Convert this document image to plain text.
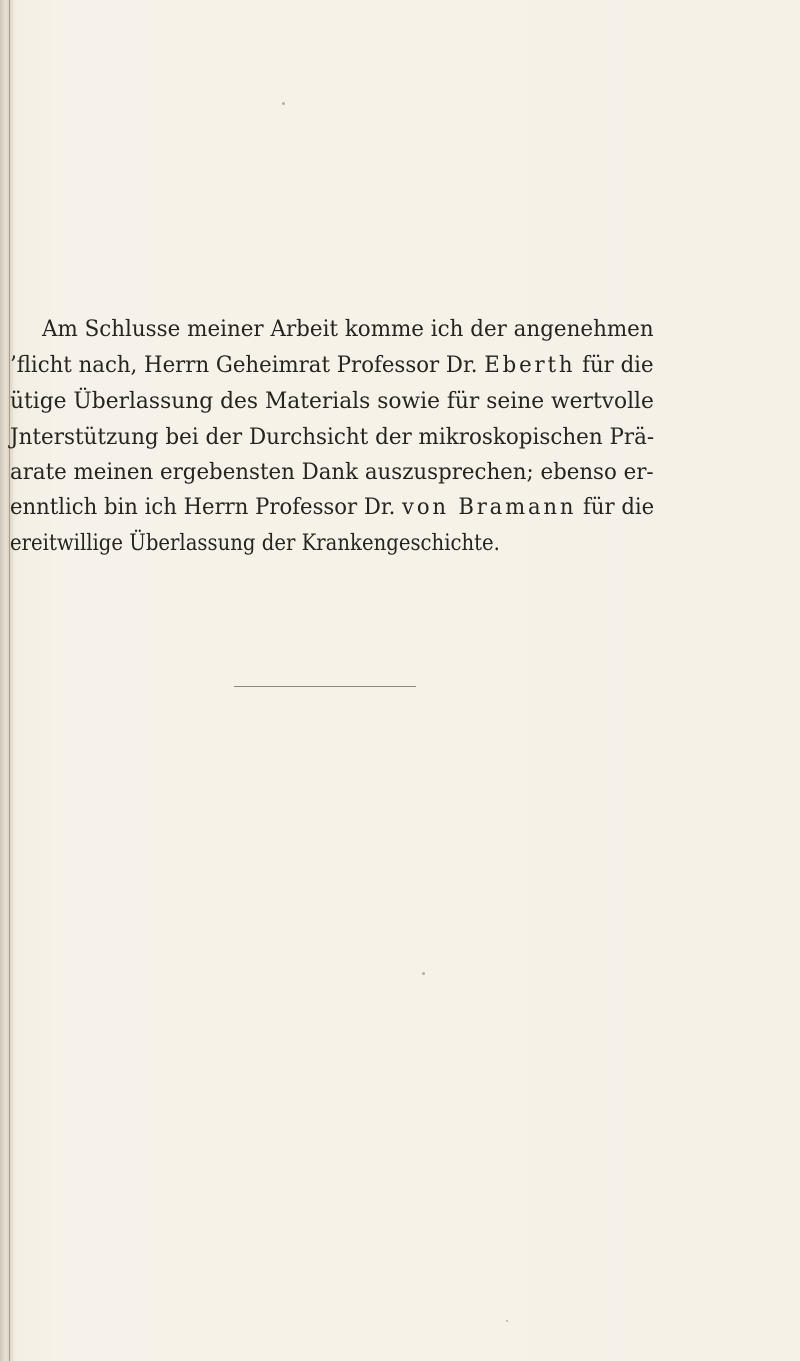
Am Schlusse meiner Arbeit komme ich der angenehmen
’flicht nach, Herrn Geheimrat Professor Dr. Eberth für die
ütige Überlassung des Materials sowie für seine wertvolle
Jnterstützung bei der Durchsicht der mikroskopischen Prä-
arate meinen ergebensten Dank auszusprechen; ebenso er-
enntlich bin ich Herrn Professor Dr. von Bramann für die
ereitwillige Überlassung der Krankengeschichte.
